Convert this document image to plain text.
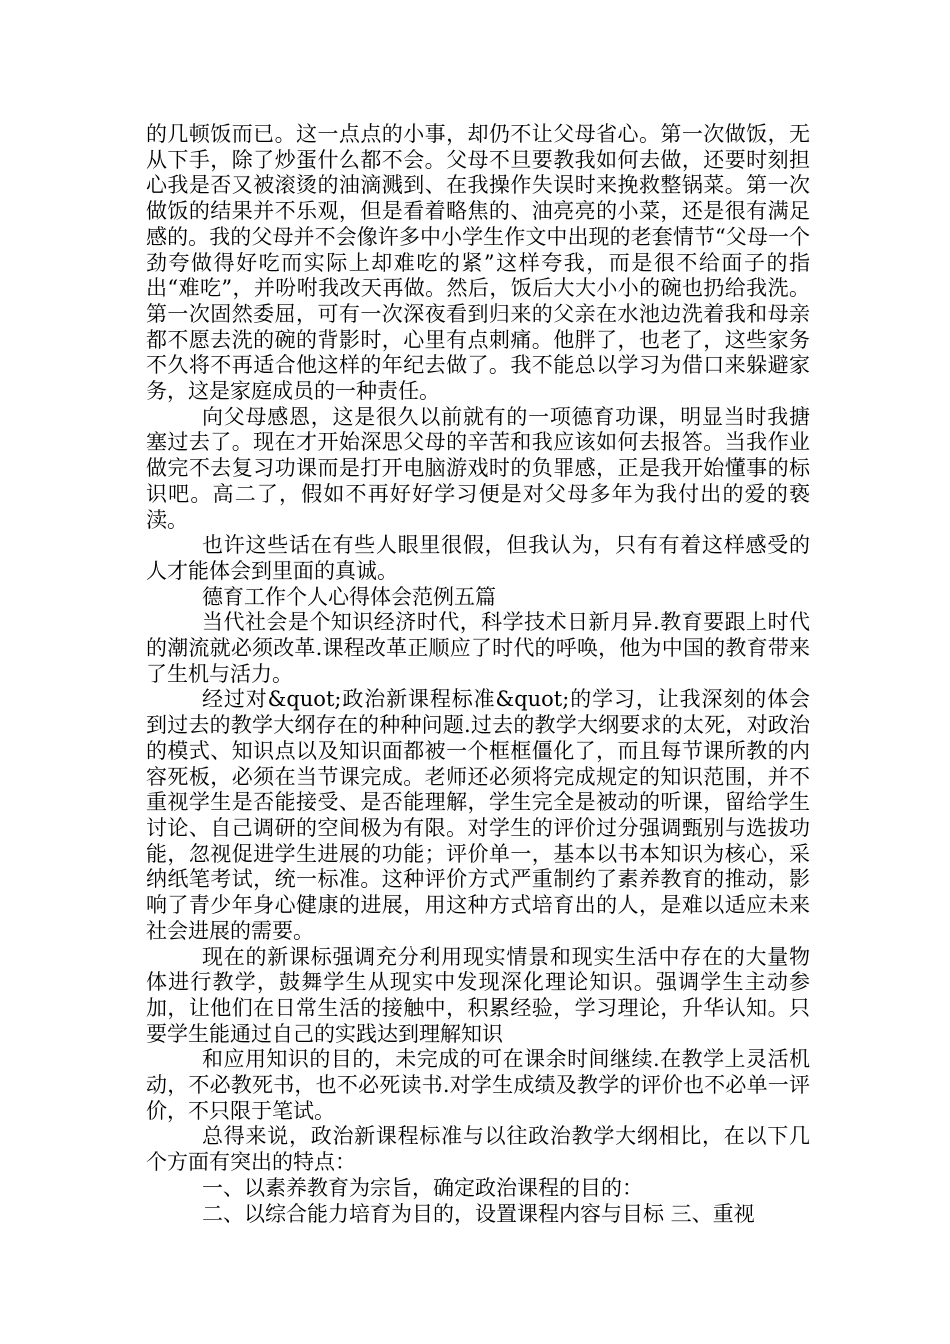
的几顿饭而已。这一点点的小事，却仍不让父母省心。第一次做饭，无从下手，除了炒蛋什么都不会。父母不旦要教我如何去做，还要时刻担心我是否又被滚烫的油滴溅到、在我操作失误时来挽救整锅菜。第一次做饭的结果并不乐观，但是看着略焦的、油亮亮的小菜，还是很有满足感的。我的父母并不会像许多中小学生作文中出现的老套情节“父母一个劲夸做得好吃而实际上却难吃的紧”这样夸我，而是很不给面子的指出“难吃”，并吩咐我改天再做。然后，饭后大大小小的碗也扔给我洗。第一次固然委屈，可有一次深夜看到归来的父亲在水池边洗着我和母亲都不愿去洗的碗的背影时，心里有点刺痛。他胖了，也老了，这些家务不久将不再适合他这样的年纪去做了。我不能总以学习为借口来躲避家务，这是家庭成员的一种责任。

向父母感恩，这是很久以前就有的一项德育功课，明显当时我搪塞过去了。现在才开始深思父母的辛苦和我应该如何去报答。当我作业做完不去复习功课而是打开电脑游戏时的负罪感，正是我开始懂事的标识吧。高二了，假如不再好好学习便是对父母多年为我付出的爱的亵渎。

也许这些话在有些人眼里很假，但我认为，只有有着这样感受的人才能体会到里面的真诚。

德育工作个人心得体会范例五篇

当代社会是个知识经济时代，科学技术日新月异.教育要跟上时代的潮流就必须改革.课程改革正顺应了时代的呼唤，他为中国的教育带来了生机与活力。

经过对&quot;政治新课程标准&quot;的学习，让我深刻的体会到过去的教学大纲存在的种种问题.过去的教学大纲要求的太死，对政治的模式、知识点以及知识面都被一个框框僵化了，而且每节课所教的内容死板，必须在当节课完成。老师还必须将完成规定的知识范围，并不重视学生是否能接受、是否能理解，学生完全是被动的听课，留给学生讨论、自己调研的空间极为有限。对学生的评价过分强调甄别与选拔功能，忽视促进学生进展的功能；评价单一，基本以书本知识为核心，采纳纸笔考试，统一标准。这种评价方式严重制约了素养教育的推动，影响了青少年身心健康的进展，用这种方式培育出的人，是难以适应未来社会进展的需要。

现在的新课标强调充分利用现实情景和现实生活中存在的大量物体进行教学，鼓舞学生从现实中发现深化理论知识。强调学生主动参加，让他们在日常生活的接触中，积累经验，学习理论，升华认知。只要学生能通过自己的实践达到理解知识

和应用知识的目的，未完成的可在课余时间继续.在教学上灵活机动，不必教死书，也不必死读书.对学生成绩及教学的评价也不必单一评价，不只限于笔试。

总得来说，政治新课程标准与以往政治教学大纲相比，在以下几个方面有突出的特点：

一、以素养教育为宗旨，确定政治课程的目的：

二、以综合能力培育为目的，设置课程内容与目标 三、重视
